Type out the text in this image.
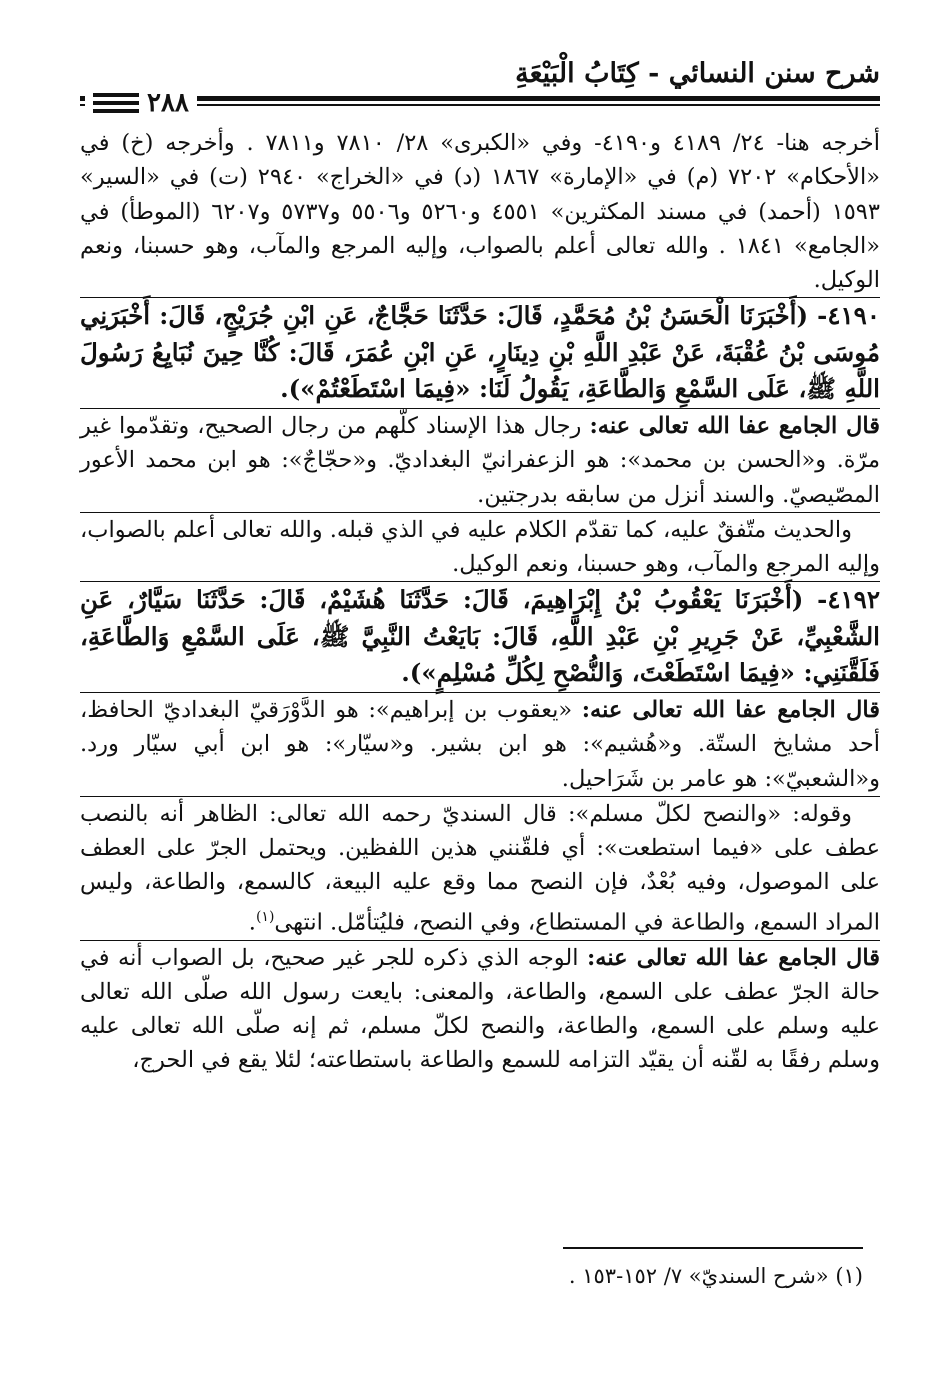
شرح سنن النسائي - كِتَابُ الْبَيْعَةِ
٢٨٨

أخرجه هنا- ٢٤/ ٤١٨٩ و٤١٩٠- وفي «الكبرى» ٢٨/ ٧٨١٠ و٧٨١١ . وأخرجه (خ) في «الأحكام» ٧٢٠٢ (م) في «الإمارة» ١٨٦٧ (د) في «الخراج» ٢٩٤٠ (ت) في «السير» ١٥٩٣ (أحمد) في مسند المكثرين» ٤٥٥١ و٥٢٦٠ و٥٥٠٦ و٥٧٣٧ و٦٢٠٧ (الموطأ) في «الجامع» ١٨٤١ . والله تعالى أعلم بالصواب، وإليه المرجع والمآب، وهو حسبنا، ونعم الوكيل.

٤١٩٠- (أَخْبَرَنَا الْحَسَنُ بْنُ مُحَمَّدٍ، قَالَ: حَدَّثَنَا حَجَّاجٌ، عَنِ ابْنِ جُرَيْجٍ، قَالَ: أَخْبَرَنِي مُوسَى بْنُ عُقْبَةَ، عَنْ عَبْدِ اللَّهِ بْنِ دِينَارٍ، عَنِ ابْنِ عُمَرَ، قَالَ: كُنَّا حِينَ نُبَايِعُ رَسُولَ اللَّهِ ﷺ، عَلَى السَّمْعِ وَالطَّاعَةِ، يَقُولُ لَنَا: «فِيمَا اسْتَطَعْتُمْ»).

قال الجامع عفا الله تعالى عنه: رجال هذا الإسناد كلّهم من رجال الصحيح، وتقدّموا غير مرّة. و«الحسن بن محمد»: هو الزعفرانيّ البغداديّ. و«حجّاجٌ»: هو ابن محمد الأعور المصّيصيّ. والسند أنزل من سابقه بدرجتين.

والحديث متّفقٌ عليه، كما تقدّم الكلام عليه في الذي قبله. والله تعالى أعلم بالصواب، وإليه المرجع والمآب، وهو حسبنا، ونعم الوكيل.

٤١٩٢- (أَخْبَرَنَا يَعْقُوبُ بْنُ إِبْرَاهِيمَ، قَالَ: حَدَّثَنَا هُشَيْمٌ، قَالَ: حَدَّثَنَا سَيَّارٌ، عَنِ الشَّعْبِيِّ، عَنْ جَرِيرِ بْنِ عَبْدِ اللَّهِ، قَالَ: بَايَعْتُ النَّبِيَّ ﷺ، عَلَى السَّمْعِ وَالطَّاعَةِ، فَلَقَّنَنِي: «فِيمَا اسْتَطَعْتَ، وَالنُّصْحِ لِكُلِّ مُسْلِمٍ»).

قال الجامع عفا الله تعالى عنه: «يعقوب بن إبراهيم»: هو الدَّوْرَقيّ البغداديّ الحافظ، أحد مشايخ الستّة. و«هُشيم»: هو ابن بشير. و«سيّار»: هو ابن أبي سيّار ورد. و«الشعبيّ»: هو عامر بن شَرَاحيل.

وقوله: «والنصح لكلّ مسلم»: قال السنديّ رحمه الله تعالى: الظاهر أنه بالنصب عطف على «فيما استطعت»: أي فلقّنني هذين اللفظين. ويحتمل الجرّ على العطف على الموصول، وفيه بُعْدٌ، فإن النصح مما وقع عليه البيعة، كالسمع، والطاعة، وليس المراد السمع، والطاعة في المستطاع، وفي النصح، فليُتأمّل. انتهى$^{(١)}$.

قال الجامع عفا الله تعالى عنه: الوجه الذي ذكره للجر غير صحيح، بل الصواب أنه في حالة الجرّ عطف على السمع، والطاعة، والمعنى: بايعت رسول الله صلّى الله تعالى عليه وسلم على السمع، والطاعة، والنصح لكلّ مسلم، ثم إنه صلّى الله تعالى عليه وسلم رفقًا به لقّنه أن يقيّد التزامه للسمع والطاعة باستطاعته؛ لئلا يقع في الحرج،

(١) «شرح السنديّ» ٧/ ١٥٢-١٥٣ .
